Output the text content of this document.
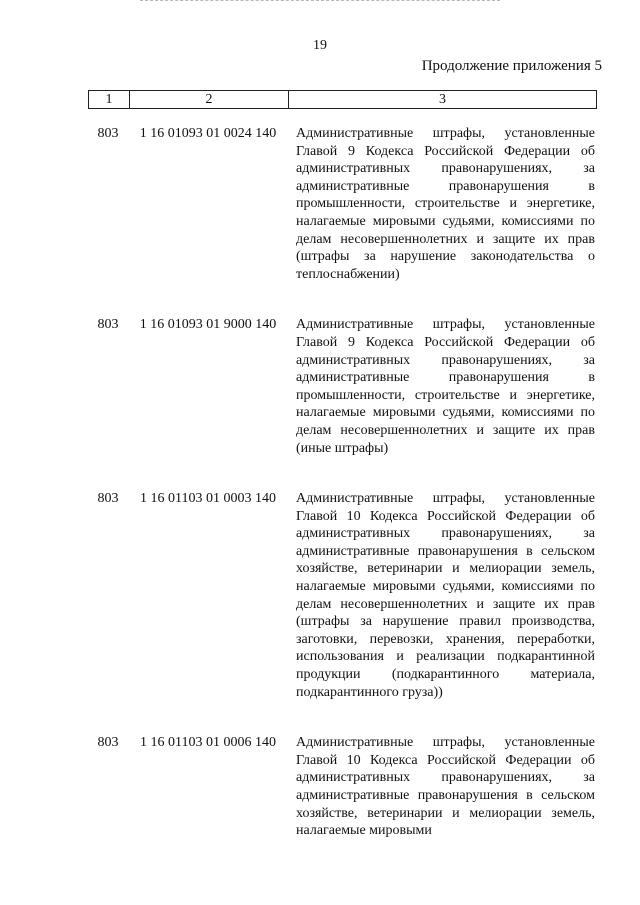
19
Продолжение приложения 5
1	2	3
803	1 16 01093 01 0024 140	Административные штрафы, установленные Главой 9 Кодекса Российской Федерации об административных правонарушениях, за административные правонарушения в промышленности, строительстве и энергетике, налагаемые мировыми судьями, комиссиями по делам несовершеннолетних и защите их прав (штрафы за нарушение законодательства о теплоснабжении)
803	1 16 01093 01 9000 140	Административные штрафы, установленные Главой 9 Кодекса Российской Федерации об административных правонарушениях, за административные правонарушения в промышленности, строительстве и энергетике, налагаемые мировыми судьями, комиссиями по делам несовершеннолетних и защите их прав (иные штрафы)
803	1 16 01103 01 0003 140	Административные штрафы, установленные Главой 10 Кодекса Российской Федерации об административных правонарушениях, за административные правонарушения в сельском хозяйстве, ветеринарии и мелиорации земель, налагаемые мировыми судьями, комиссиями по делам несовершеннолетних и защите их прав (штрафы за нарушение правил производства, заготовки, перевозки, хранения, переработки, использования и реализации подкарантинной продукции (подкарантинного материала, подкарантинного груза))
803	1 16 01103 01 0006 140	Административные штрафы, установленные Главой 10 Кодекса Российской Федерации об административных правонарушениях, за административные правонарушения в сельском хозяйстве, ветеринарии и мелиорации земель, налагаемые мировыми
